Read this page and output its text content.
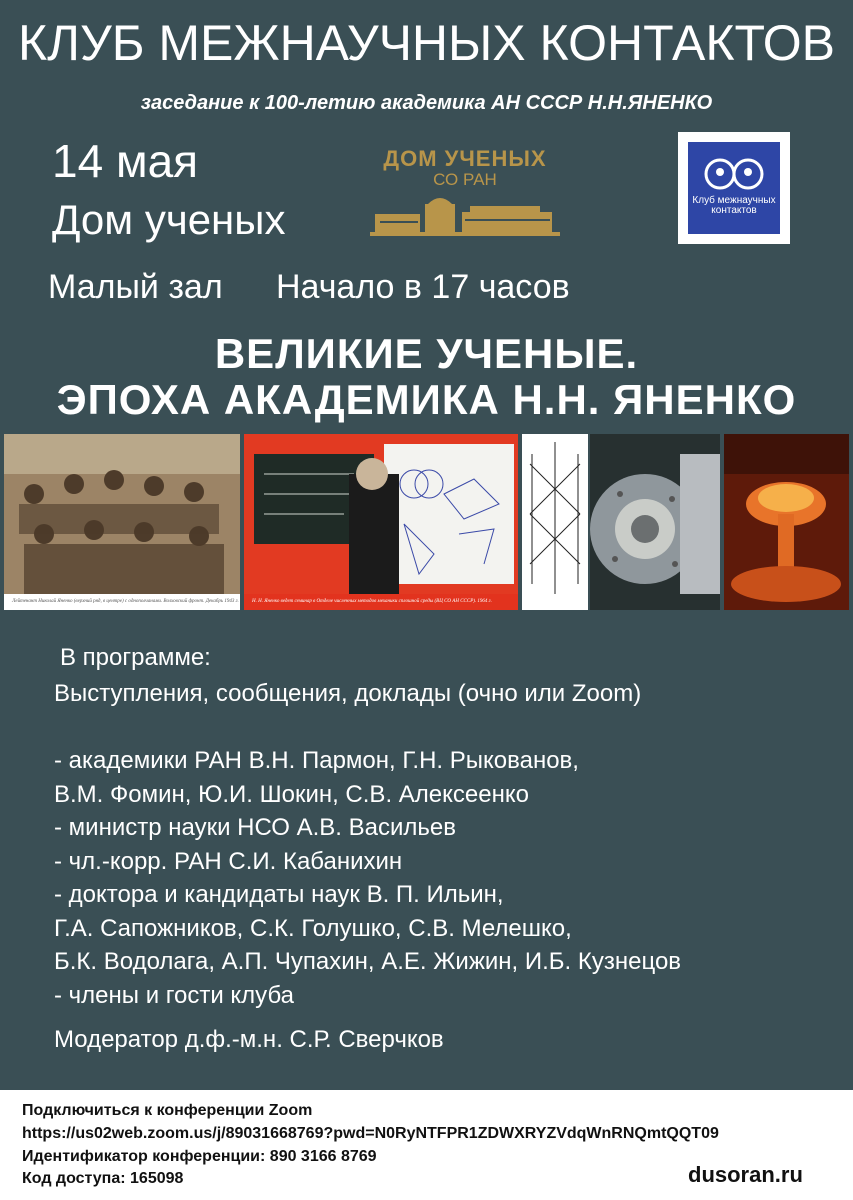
КЛУБ МЕЖНАУЧНЫХ КОНТАКТОВ
заседание к 100-летию академика АН СССР Н.Н.ЯНЕНКО
14 мая
Дом ученых
Малый зал Начало в 17 часов
ДОМ УЧЕНЫХ
СО РАН
Клуб межнаучных контактов
ВЕЛИКИЕ УЧЕНЫЕ.
ЭПОХА АКАДЕМИКА Н.Н. ЯНЕНКО
Лейтенант Николай Яненко (верхний ряд, в центре) с однополчанами. Волховский фронт. Декабрь 1943 г.	Н. Н. Яненко ведет семинар в Отделе численных методов механики сплошной среды (ВЦ СО АН СССР). 1964 г.
В программе:
Выступления, сообщения, доклады (очно или Zoom)
- академики РАН В.Н. Пармон, Г.Н. Рыкованов,
В.М. Фомин, Ю.И. Шокин, С.В. Алексеенко
- министр науки НСО А.В. Васильев
- чл.-корр. РАН С.И. Кабанихин
- доктора и кандидаты наук В. П. Ильин,
Г.А. Сапожников, С.К. Голушко, С.В. Мелешко,
Б.К. Водолага, А.П. Чупахин, А.Е. Жижин, И.Б. Кузнецов
- члены и гости клуба
Модератор д.ф.-м.н. С.Р. Сверчков
Подключиться к конференции Zoom
https://us02web.zoom.us/j/89031668769?pwd=N0RyNTFPR1ZDWXRYZVdqWnRNQmtQQT09
Идентификатор конференции: 890 3166 8769
Код доступа: 165098	dusoran.ru
